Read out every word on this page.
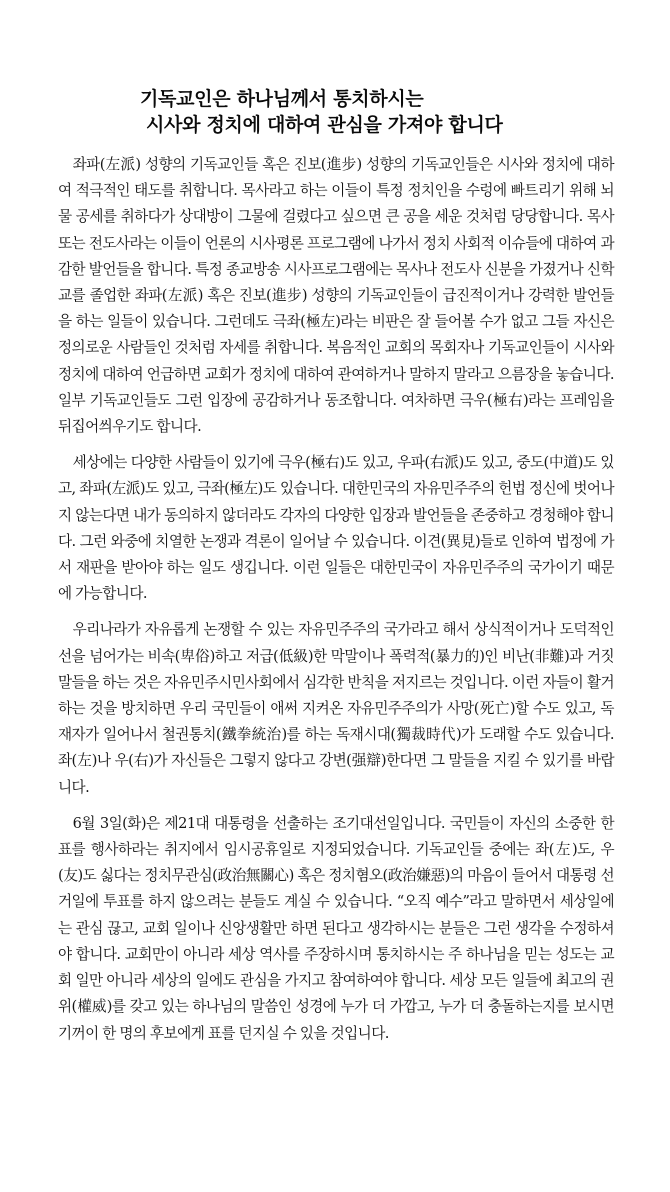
기독교인은 하나님께서 통치하시는
시사와 정치에 대하여 관심을 가져야 합니다

좌파(左派) 성향의 기독교인들 혹은 진보(進步) 성향의 기독교인들은 시사와 정치에 대하여 적극적인 태도를 취합니다. 목사라고 하는 이들이 특정 정치인을 수렁에 빠트리기 위해 뇌물 공세를 취하다가 상대방이 그물에 걸렸다고 싶으면 큰 공을 세운 것처럼 당당합니다. 목사 또는 전도사라는 이들이 언론의 시사평론 프로그램에 나가서 정치 사회적 이슈들에 대하여 과감한 발언들을 합니다. 특정 종교방송 시사프로그램에는 목사나 전도사 신분을 가졌거나 신학교를 졸업한 좌파(左派) 혹은 진보(進步) 성향의 기독교인들이 급진적이거나 강력한 발언들을 하는 일들이 있습니다. 그런데도 극좌(極左)라는 비판은 잘 들어볼 수가 없고 그들 자신은 정의로운 사람들인 것처럼 자세를 취합니다. 복음적인 교회의 목회자나 기독교인들이 시사와 정치에 대하여 언급하면 교회가 정치에 대하여 관여하거나 말하지 말라고 으름장을 놓습니다. 일부 기독교인들도 그런 입장에 공감하거나 동조합니다. 여차하면 극우(極右)라는 프레임을 뒤집어씌우기도 합니다.

세상에는 다양한 사람들이 있기에 극우(極右)도 있고, 우파(右派)도 있고, 중도(中道)도 있고, 좌파(左派)도 있고, 극좌(極左)도 있습니다. 대한민국의 자유민주주의 헌법 정신에 벗어나지 않는다면 내가 동의하지 않더라도 각자의 다양한 입장과 발언들을 존중하고 경청해야 합니다. 그런 와중에 치열한 논쟁과 격론이 일어날 수 있습니다. 이견(異見)들로 인하여 법정에 가서 재판을 받아야 하는 일도 생깁니다. 이런 일들은 대한민국이 자유민주주의 국가이기 때문에 가능합니다.

우리나라가 자유롭게 논쟁할 수 있는 자유민주주의 국가라고 해서 상식적이거나 도덕적인 선을 넘어가는 비속(卑俗)하고 저급(低級)한 막말이나 폭력적(暴力的)인 비난(非難)과 거짓말들을 하는 것은 자유민주시민사회에서 심각한 반칙을 저지르는 것입니다. 이런 자들이 활거하는 것을 방치하면 우리 국민들이 애써 지켜온 자유민주주의가 사망(死亡)할 수도 있고, 독재자가 일어나서 철권통치(鐵拳統治)를 하는 독재시대(獨裁時代)가 도래할 수도 있습니다. 좌(左)나 우(右)가 자신들은 그렇지 않다고 강변(强辯)한다면 그 말들을 지킬 수 있기를 바랍니다.

6월 3일(화)은 제21대 대통령을 선출하는 조기대선일입니다. 국민들이 자신의 소중한 한 표를 행사하라는 취지에서 임시공휴일로 지정되었습니다. 기독교인들 중에는 좌(左)도, 우(友)도 싫다는 정치무관심(政治無關心) 혹은 정치혐오(政治嫌惡)의 마음이 들어서 대통령 선거일에 투표를 하지 않으려는 분들도 계실 수 있습니다. “오직 예수”라고 말하면서 세상일에는 관심 끊고, 교회 일이나 신앙생활만 하면 된다고 생각하시는 분들은 그런 생각을 수정하셔야 합니다. 교회만이 아니라 세상 역사를 주장하시며 통치하시는 주 하나님을 믿는 성도는 교회 일만 아니라 세상의 일에도 관심을 가지고 참여하여야 합니다. 세상 모든 일들에 최고의 권위(權威)를 갖고 있는 하나님의 말씀인 성경에 누가 더 가깝고, 누가 더 충돌하는지를 보시면 기꺼이 한 명의 후보에게 표를 던지실 수 있을 것입니다.
